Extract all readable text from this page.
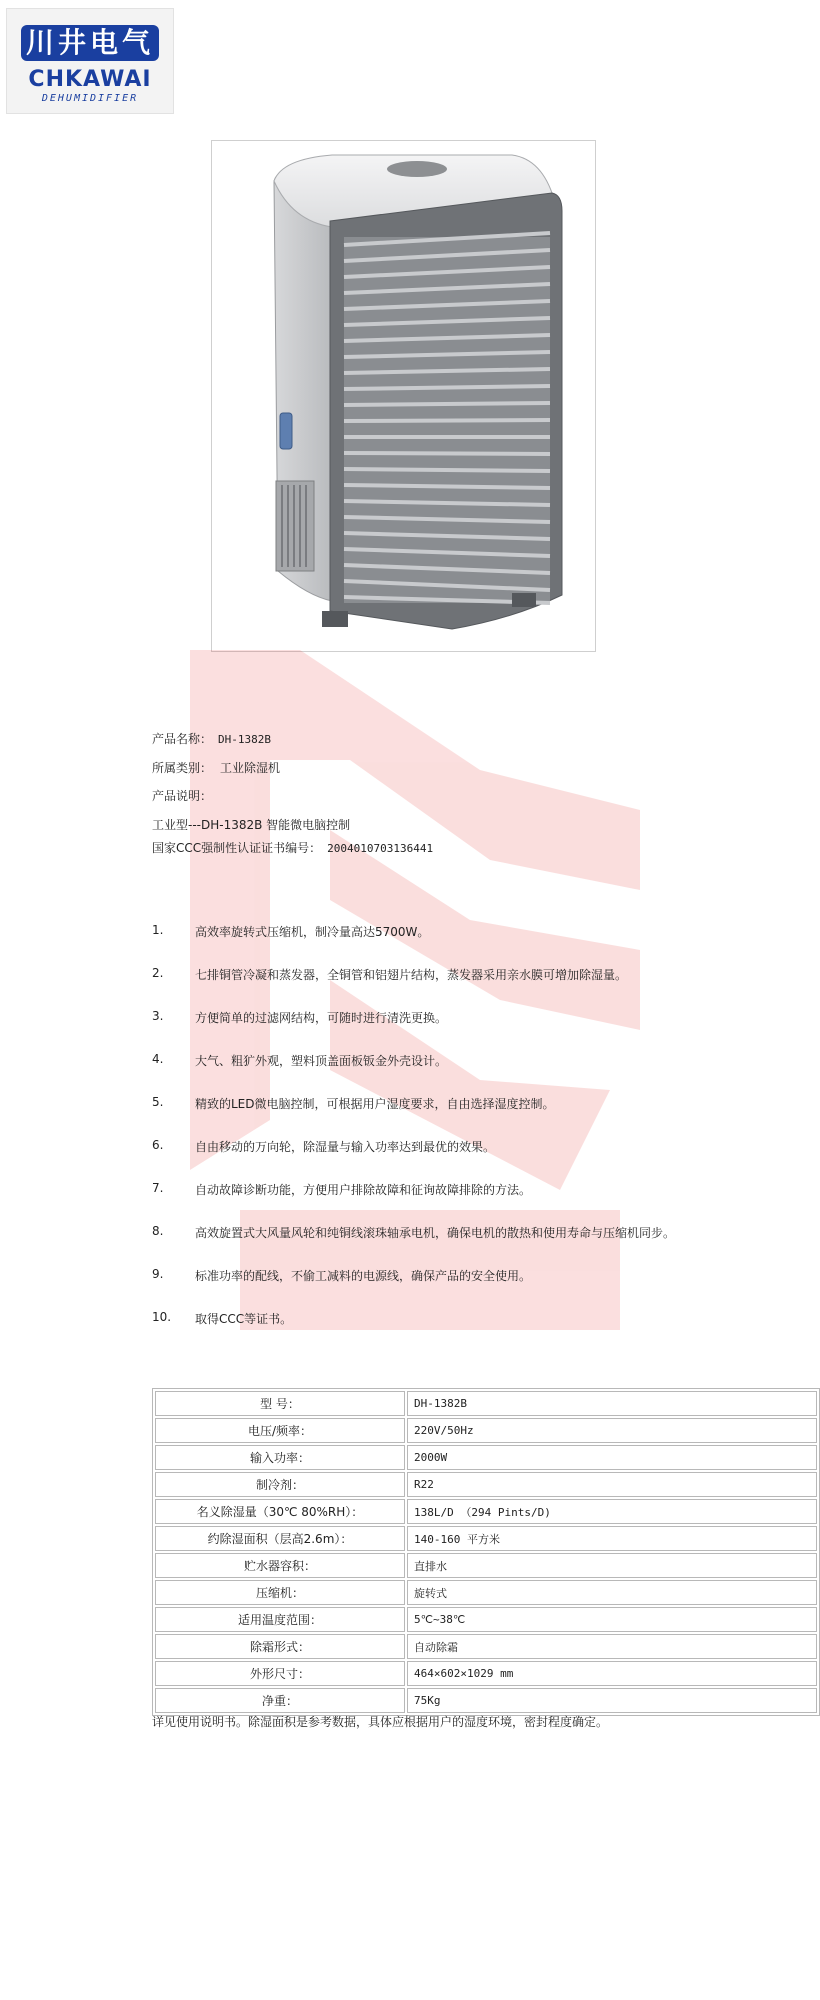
川井电气
CHKAWAI
DEHUMIDIFIER
产品名称： DH-1382B
所属类别： 工业除湿机
产品说明：
工业型---DH-1382B 智能微电脑控制
国家CCC强制性认证证书编号： 2004010703136441
1.	高效率旋转式压缩机，制冷量高达5700W。
2.	七排铜管冷凝和蒸发器，全铜管和铝翅片结构，蒸发器采用亲水膜可增加除湿量。
3.	方便简单的过滤网结构，可随时进行清洗更换。
4.	大气、粗犷外观，塑料顶盖面板钣金外壳设计。
5.	精致的LED微电脑控制，可根据用户湿度要求，自由选择湿度控制。
6.	自由移动的万向轮，除湿量与输入功率达到最优的效果。
7.	自动故障诊断功能，方便用户排除故障和征询故障排除的方法。
8.	高效旋置式大风量风轮和纯铜线滚珠轴承电机，确保电机的散热和使用寿命与压缩机同步。
9.	标准功率的配线，不偷工减料的电源线，确保产品的安全使用。
10.	取得CCC等证书。
型 号：	DH-1382B
电压/频率：	220V/50Hz
输入功率：	2000W
制冷剂：	R22
名义除湿量（30℃ 80%RH）：	138L/D （294 Pints/D)
约除湿面积（层高2.6m）：	140-160 平方米
贮水器容积：	直排水
压缩机：	旋转式
适用温度范围：	5℃~38℃
除霜形式：	自动除霜
外形尺寸：	464×602×1029 mm
净重：	75Kg
详见使用说明书。除湿面积是参考数据，具体应根据用户的湿度环境，密封程度确定。
